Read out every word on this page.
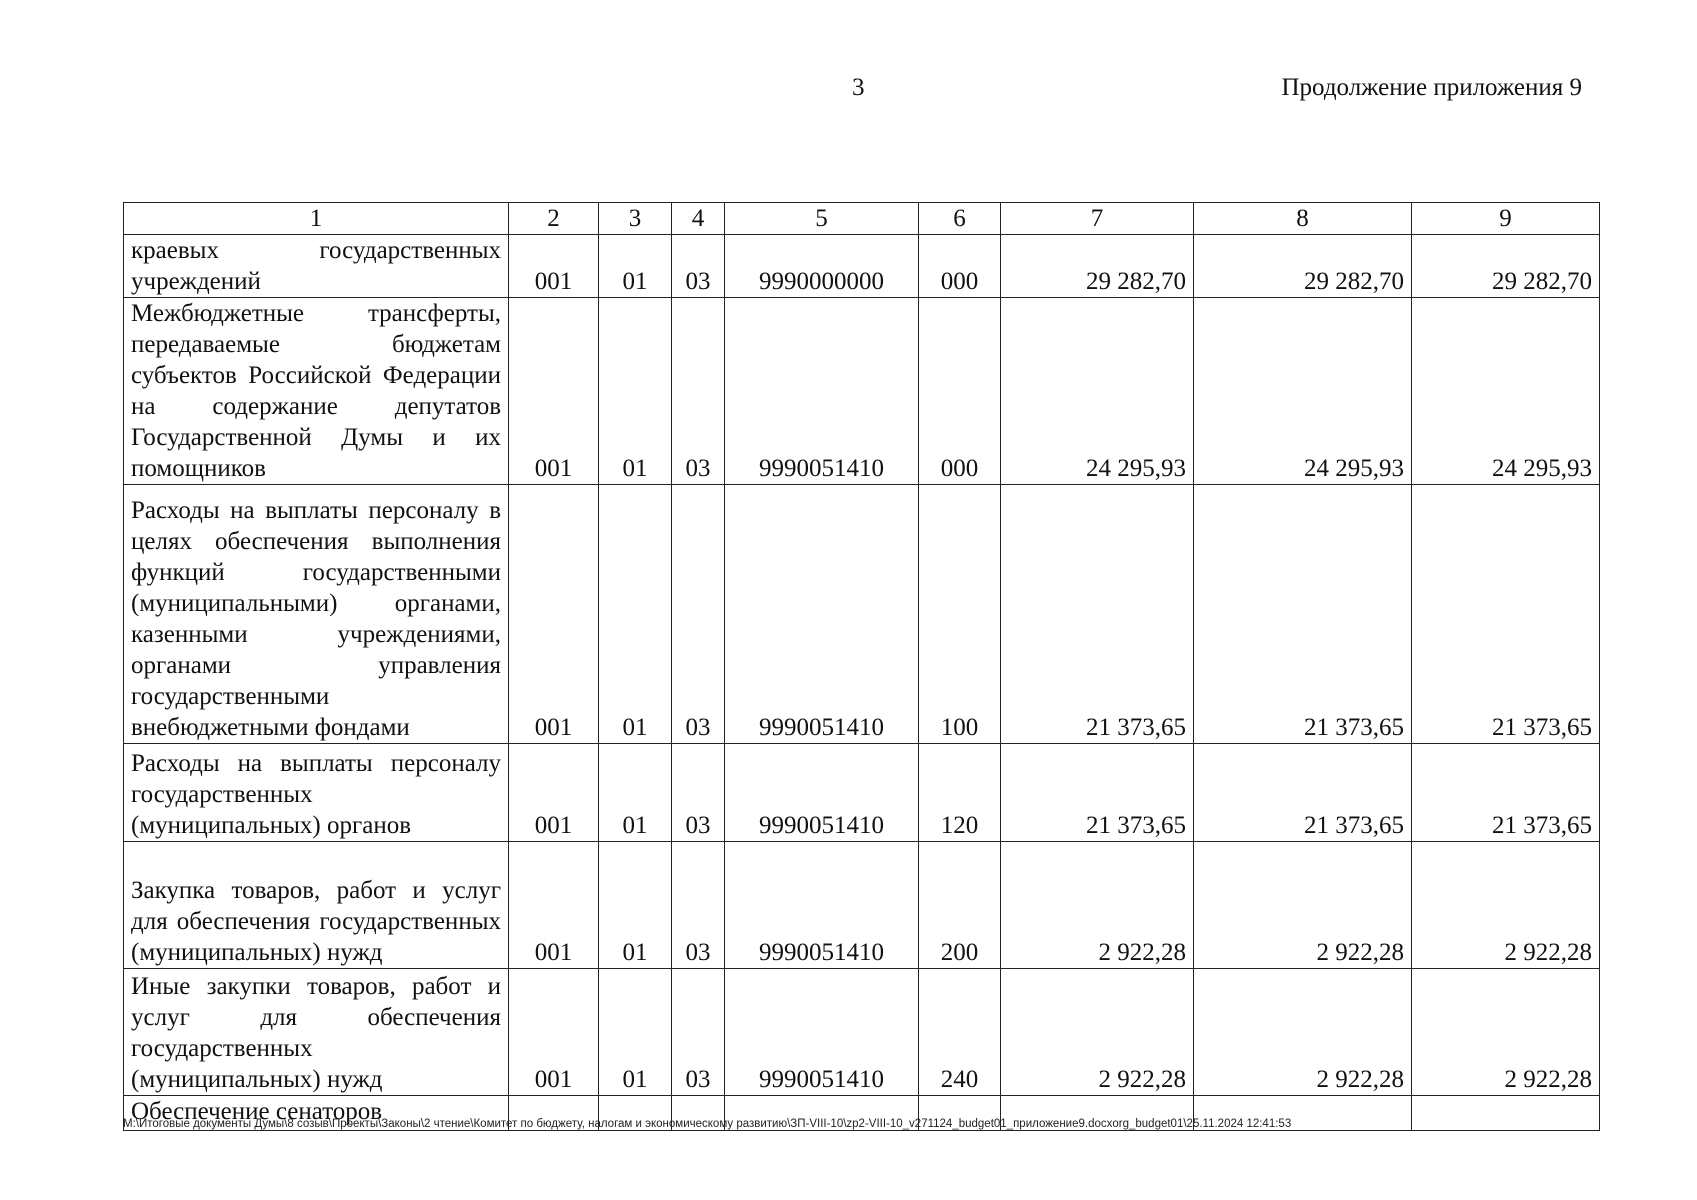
3	Продолжение приложения 9
1	2	3	4	5	6	7	8	9
краевых государственных учреждений	001	01	03	9990000000	000	29 282,70	29 282,70	29 282,70
Межбюджетные трансферты, передаваемые бюджетам субъектов Российской Федерации на содержание депутатов Государственной Думы и их помощников	001	01	03	9990051410	000	24 295,93	24 295,93	24 295,93
Расходы на выплаты персоналу в целях обеспечения выполнения функций государственными (муниципальными) органами, казенными учреждениями, органами управления государственными внебюджетными фондами	001	01	03	9990051410	100	21 373,65	21 373,65	21 373,65
Расходы на выплаты персоналу государственных (муниципальных) органов	001	01	03	9990051410	120	21 373,65	21 373,65	21 373,65
Закупка товаров, работ и услуг для обеспечения государственных (муниципальных) нужд	001	01	03	9990051410	200	2 922,28	2 922,28	2 922,28
Иные закупки товаров, работ и услуг для обеспечения государственных (муниципальных) нужд	001	01	03	9990051410	240	2 922,28	2 922,28	2 922,28
Обеспечение сенаторов								
M:\Итоговые документы Думы\8 созыв\Проекты\Законы\2 чтение\Комитет по бюджету, налогам и экономическому развитию\ЗП-VIII-10\zp2-VIII-10_v271124_budget01_приложение9.docxorg_budget01\25.11.2024 12:41:53
